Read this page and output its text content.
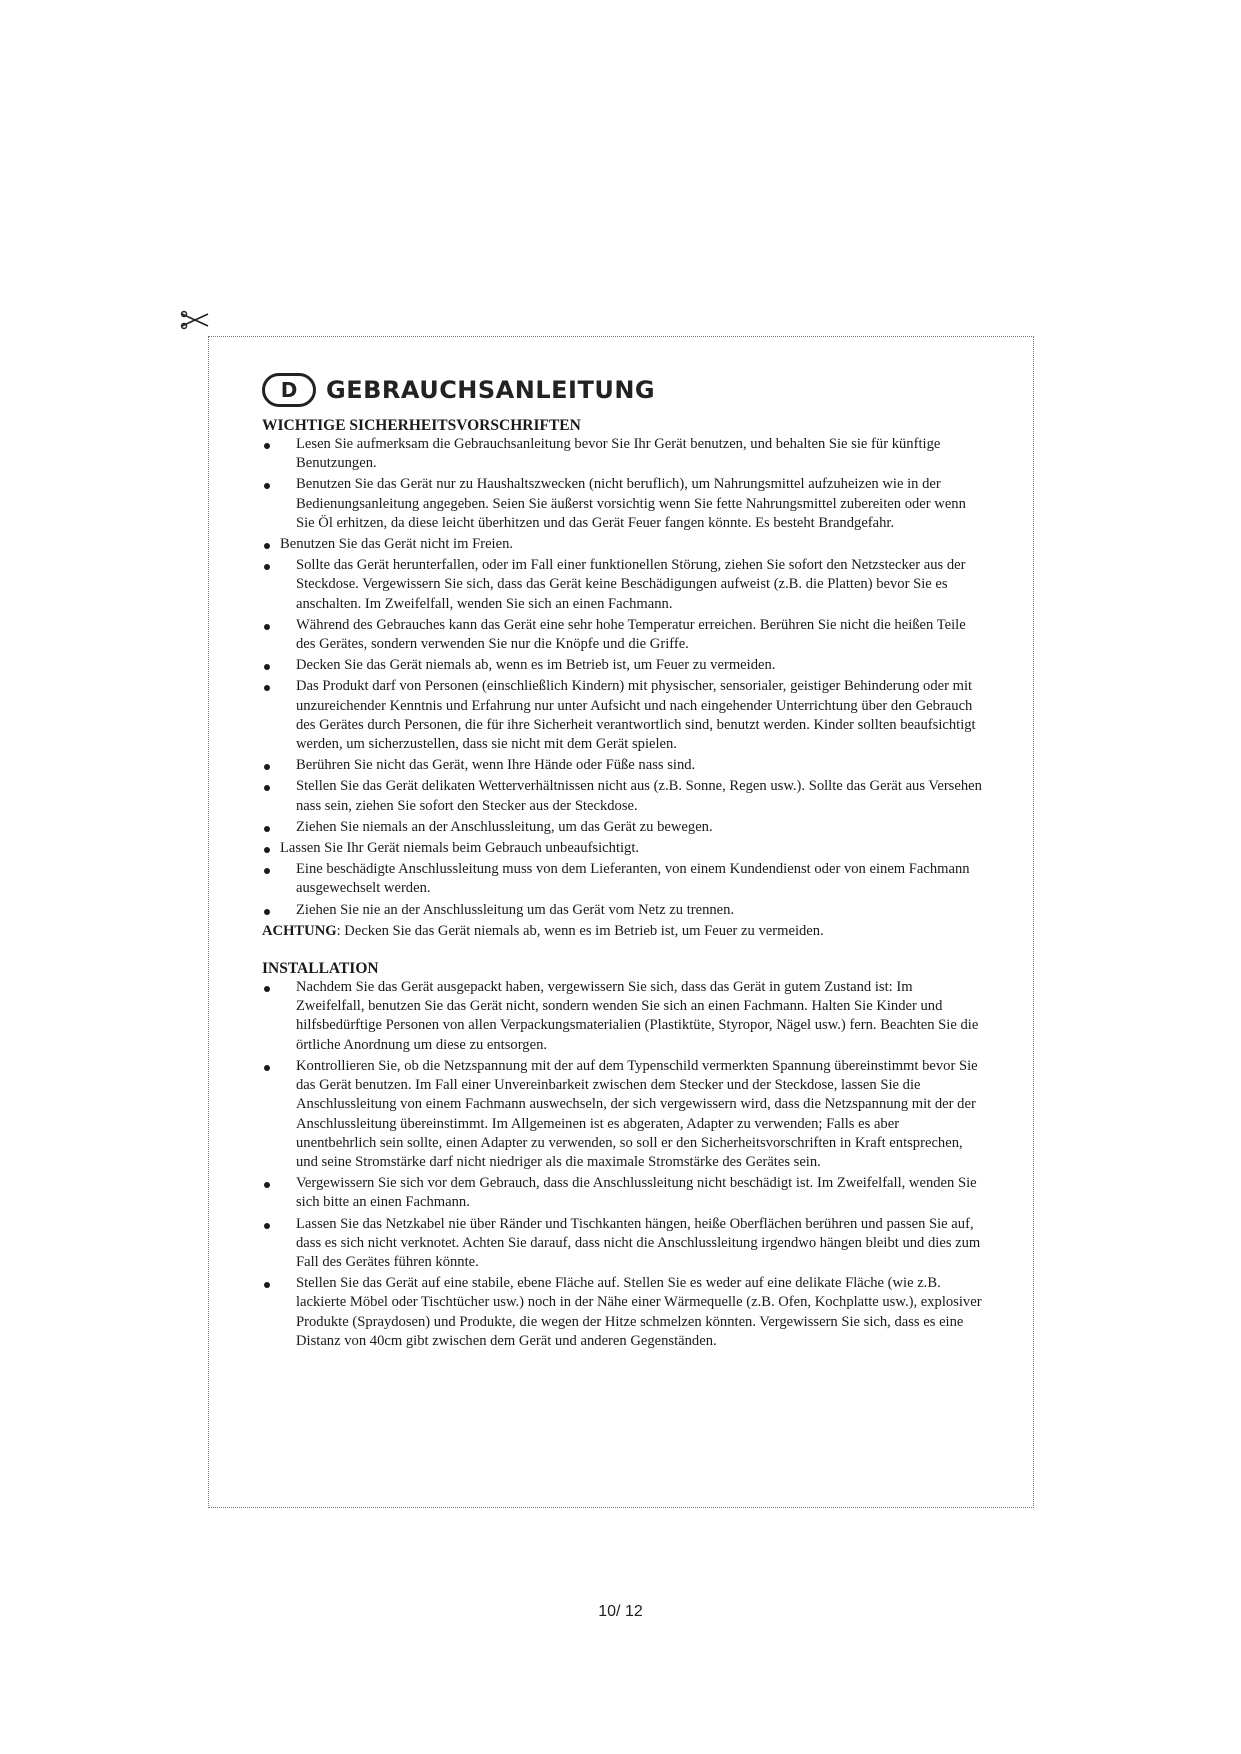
D	GEBRAUCHSANLEITUNG
WICHTIGE SICHERHEITSVORSCHRIFTEN
Lesen Sie aufmerksam die Gebrauchsanleitung bevor Sie Ihr Gerät benutzen, und behalten Sie sie für künftige Benutzungen.
Benutzen Sie das Gerät nur zu Haushaltszwecken (nicht beruflich), um Nahrungsmittel aufzuheizen wie in der Bedienungsanleitung angegeben. Seien Sie äußerst vorsichtig wenn Sie fette Nahrungsmittel zubereiten oder wenn Sie Öl erhitzen, da diese leicht überhitzen und das Gerät Feuer fangen könnte. Es besteht Brandgefahr.
Benutzen Sie das Gerät nicht im Freien.
Sollte das Gerät herunterfallen, oder im Fall einer funktionellen Störung, ziehen Sie sofort den Netzstecker aus der Steckdose. Vergewissern Sie sich, dass das Gerät keine Beschädigungen aufweist (z.B. die Platten) bevor Sie es anschalten. Im Zweifelfall, wenden Sie sich an einen Fachmann.
Während des Gebrauches kann das Gerät eine sehr hohe Temperatur erreichen. Berühren Sie nicht die heißen Teile des Gerätes, sondern verwenden Sie nur die Knöpfe und die Griffe.
Decken Sie das Gerät niemals ab, wenn es im Betrieb ist, um Feuer zu vermeiden.
Das Produkt darf von Personen (einschließlich Kindern) mit physischer, sensorialer, geistiger Behinderung oder mit unzureichender Kenntnis und Erfahrung nur unter Aufsicht und nach eingehender Unterrichtung über den Gebrauch des Gerätes durch Personen, die für ihre Sicherheit verantwortlich sind, benutzt werden. Kinder sollten beaufsichtigt werden, um sicherzustellen, dass sie nicht mit dem Gerät spielen.
Berühren Sie nicht das Gerät, wenn Ihre Hände oder Füße nass sind.
Stellen Sie das Gerät delikaten Wetterverhältnissen nicht aus (z.B. Sonne, Regen usw.). Sollte das Gerät aus Versehen nass sein, ziehen Sie sofort den Stecker aus der Steckdose.
Ziehen Sie niemals an der Anschlussleitung, um das Gerät zu bewegen.
Lassen Sie Ihr Gerät niemals beim Gebrauch unbeaufsichtigt.
Eine beschädigte Anschlussleitung muss von dem Lieferanten, von einem Kundendienst oder von einem Fachmann ausgewechselt werden.
Ziehen Sie nie an der Anschlussleitung um das Gerät vom Netz zu trennen.
ACHTUNG: Decken Sie das Gerät niemals ab, wenn es im Betrieb ist, um Feuer zu vermeiden.
INSTALLATION
Nachdem Sie das Gerät ausgepackt haben, vergewissern Sie sich, dass das Gerät in gutem Zustand ist: Im Zweifelfall, benutzen Sie das Gerät nicht, sondern wenden Sie sich an einen Fachmann. Halten Sie Kinder und hilfsbedürftige Personen von allen Verpackungsmaterialien (Plastiktüte, Styropor, Nägel usw.) fern. Beachten Sie die örtliche Anordnung um diese zu entsorgen.
Kontrollieren Sie, ob die Netzspannung mit der auf dem Typenschild vermerkten Spannung übereinstimmt bevor Sie das Gerät benutzen. Im Fall einer Unvereinbarkeit zwischen dem Stecker und der Steckdose, lassen Sie die Anschlussleitung von einem Fachmann auswechseln, der sich vergewissern wird, dass die Netzspannung mit der der Anschlussleitung übereinstimmt. Im Allgemeinen ist es abgeraten, Adapter zu verwenden; Falls es aber unentbehrlich sein sollte, einen Adapter zu verwenden, so soll er den Sicherheitsvorschriften in Kraft entsprechen, und seine Stromstärke darf nicht niedriger als die maximale Stromstärke des Gerätes sein.
Vergewissern Sie sich vor dem Gebrauch, dass die Anschlussleitung nicht beschädigt ist. Im Zweifelfall, wenden Sie sich bitte an einen Fachmann.
Lassen Sie das Netzkabel nie über Ränder und Tischkanten hängen, heiße Oberflächen berühren und passen Sie auf, dass es sich nicht verknotet. Achten Sie darauf, dass nicht die Anschlussleitung irgendwo hängen bleibt und dies zum Fall des Gerätes führen könnte.
Stellen Sie das Gerät auf eine stabile, ebene Fläche auf. Stellen Sie es weder auf eine delikate Fläche (wie z.B. lackierte Möbel oder Tischtücher usw.) noch in der Nähe einer Wärmequelle (z.B. Ofen, Kochplatte usw.), explosiver Produkte (Spraydosen) und Produkte, die wegen der Hitze schmelzen könnten. Vergewissern Sie sich, dass es eine Distanz von 40cm gibt zwischen dem Gerät und anderen Gegenständen.
10/ 12
